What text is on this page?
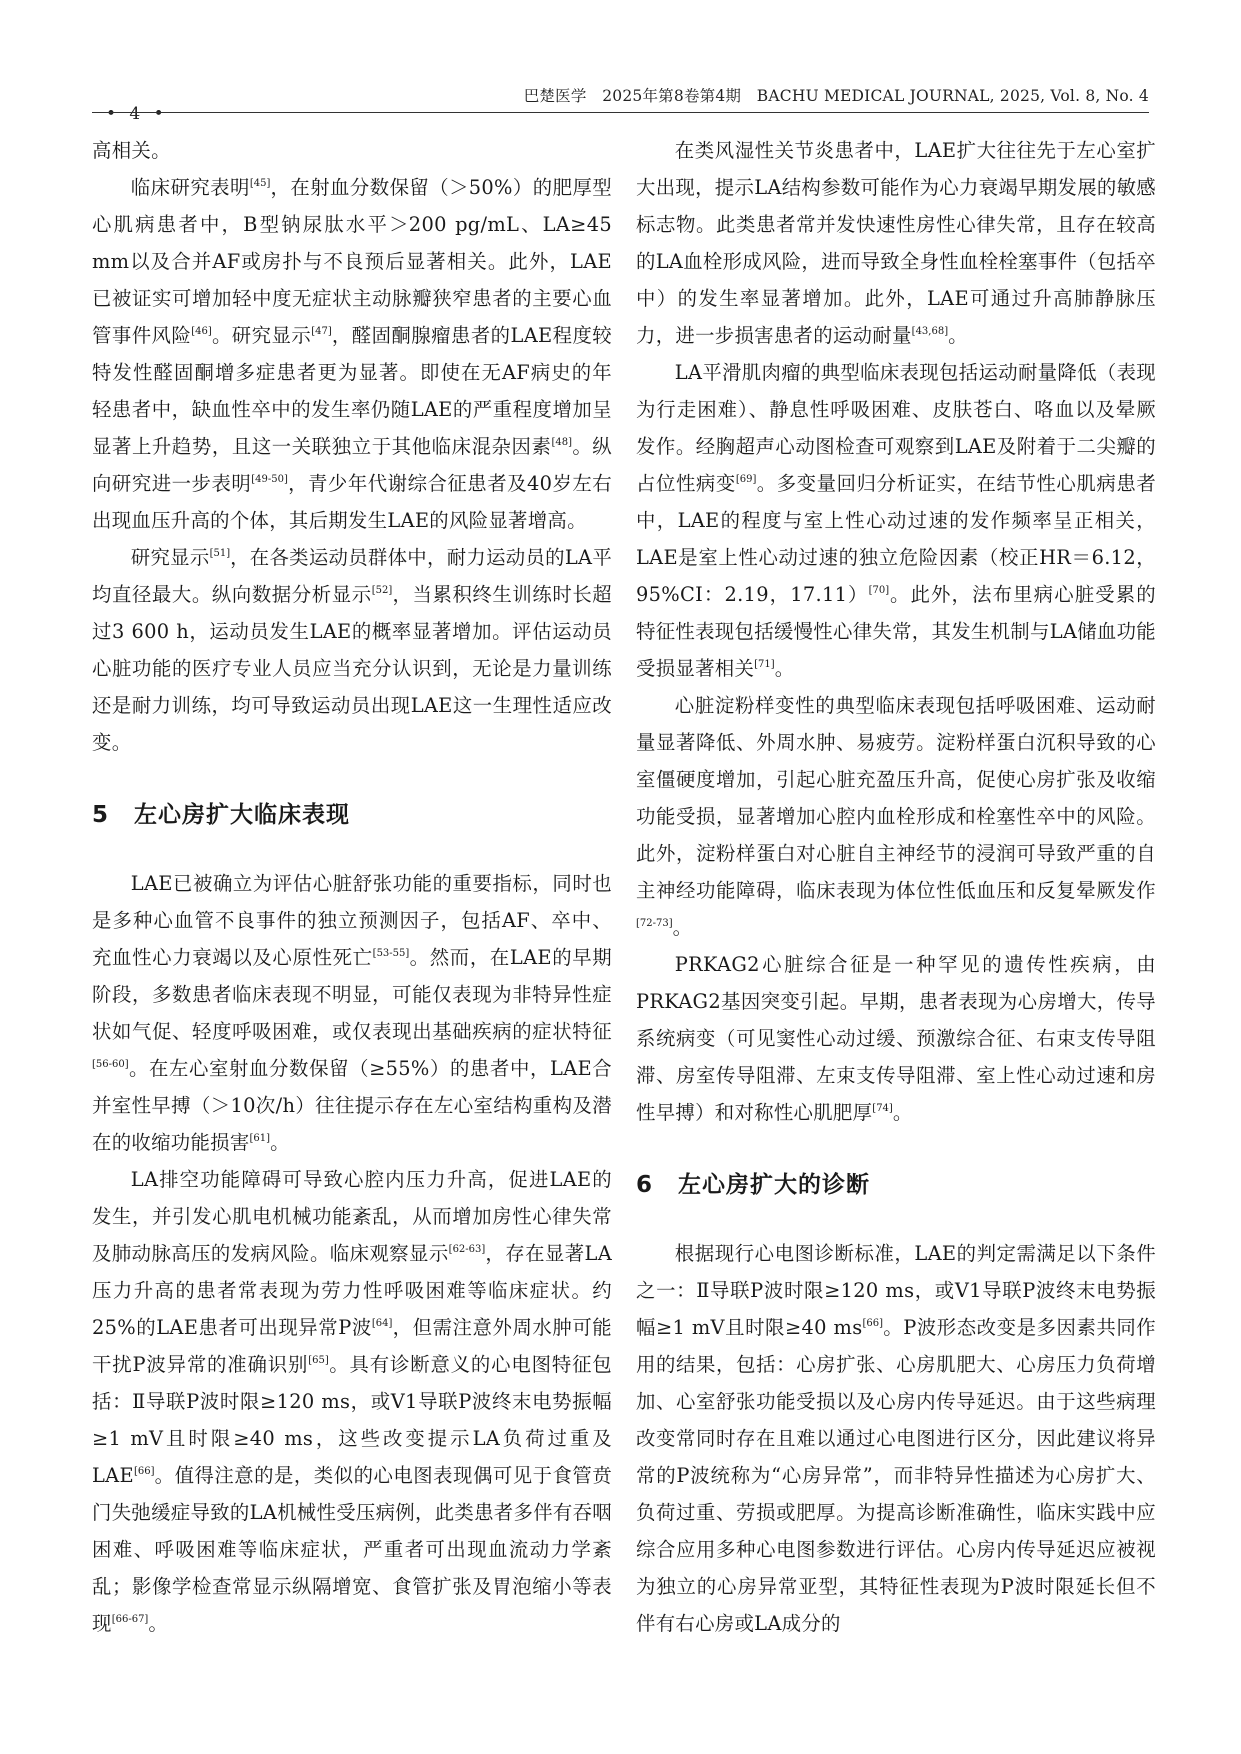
• 4 •
巴楚医学　2025年第8卷第4期　BACHU MEDICAL JOURNAL, 2025, Vol. 8, No. 4

高相关。

临床研究表明[45]，在射血分数保留（＞50%）的肥厚型心肌病患者中，B型钠尿肽水平＞200 pg/mL、LA≥45 mm以及合并AF或房扑与不良预后显著相关。此外，LAE已被证实可增加轻中度无症状主动脉瓣狭窄患者的主要心血管事件风险[46]。研究显示[47]，醛固酮腺瘤患者的LAE程度较特发性醛固酮增多症患者更为显著。即使在无AF病史的年轻患者中，缺血性卒中的发生率仍随LAE的严重程度增加呈显著上升趋势，且这一关联独立于其他临床混杂因素[48]。纵向研究进一步表明[49-50]，青少年代谢综合征患者及40岁左右出现血压升高的个体，其后期发生LAE的风险显著增高。

研究显示[51]，在各类运动员群体中，耐力运动员的LA平均直径最大。纵向数据分析显示[52]，当累积终生训练时长超过3 600 h，运动员发生LAE的概率显著增加。评估运动员心脏功能的医疗专业人员应当充分认识到，无论是力量训练还是耐力训练，均可导致运动员出现LAE这一生理性适应改变。

5 左心房扩大临床表现

LAE已被确立为评估心脏舒张功能的重要指标，同时也是多种心血管不良事件的独立预测因子，包括AF、卒中、充血性心力衰竭以及心原性死亡[53-55]。然而，在LAE的早期阶段，多数患者临床表现不明显，可能仅表现为非特异性症状如气促、轻度呼吸困难，或仅表现出基础疾病的症状特征[56-60]。在左心室射血分数保留（≥55%）的患者中，LAE合并室性早搏（＞10次/h）往往提示存在左心室结构重构及潜在的收缩功能损害[61]。

LA排空功能障碍可导致心腔内压力升高，促进LAE的发生，并引发心肌电机械功能紊乱，从而增加房性心律失常及肺动脉高压的发病风险。临床观察显示[62-63]，存在显著LA压力升高的患者常表现为劳力性呼吸困难等临床症状。约25%的LAE患者可出现异常P波[64]，但需注意外周水肿可能干扰P波异常的准确识别[65]。具有诊断意义的心电图特征包括：Ⅱ导联P波时限≥120 ms，或V1导联P波终末电势振幅≥1 mV且时限≥40 ms，这些改变提示LA负荷过重及LAE[66]。值得注意的是，类似的心电图表现偶可见于食管贲门失弛缓症导致的LA机械性受压病例，此类患者多伴有吞咽困难、呼吸困难等临床症状，严重者可出现血流动力学紊乱；影像学检查常显示纵隔增宽、食管扩张及胃泡缩小等表现[66-67]。

在类风湿性关节炎患者中，LAE扩大往往先于左心室扩大出现，提示LA结构参数可能作为心力衰竭早期发展的敏感标志物。此类患者常并发快速性房性心律失常，且存在较高的LA血栓形成风险，进而导致全身性血栓栓塞事件（包括卒中）的发生率显著增加。此外，LAE可通过升高肺静脉压力，进一步损害患者的运动耐量[43,68]。

LA平滑肌肉瘤的典型临床表现包括运动耐量降低（表现为行走困难）、静息性呼吸困难、皮肤苍白、咯血以及晕厥发作。经胸超声心动图检查可观察到LAE及附着于二尖瓣的占位性病变[69]。多变量回归分析证实，在结节性心肌病患者中，LAE的程度与室上性心动过速的发作频率呈正相关，LAE是室上性心动过速的独立危险因素（校正HR＝6.12，95%CI：2.19，17.11）[70]。此外，法布里病心脏受累的特征性表现包括缓慢性心律失常，其发生机制与LA储血功能受损显著相关[71]。

心脏淀粉样变性的典型临床表现包括呼吸困难、运动耐量显著降低、外周水肿、易疲劳。淀粉样蛋白沉积导致的心室僵硬度增加，引起心脏充盈压升高，促使心房扩张及收缩功能受损，显著增加心腔内血栓形成和栓塞性卒中的风险。此外，淀粉样蛋白对心脏自主神经节的浸润可导致严重的自主神经功能障碍，临床表现为体位性低血压和反复晕厥发作[72-73]。

PRKAG2心脏综合征是一种罕见的遗传性疾病，由PRKAG2基因突变引起。早期，患者表现为心房增大，传导系统病变（可见窦性心动过缓、预激综合征、右束支传导阻滞、房室传导阻滞、左束支传导阻滞、室上性心动过速和房性早搏）和对称性心肌肥厚[74]。

6 左心房扩大的诊断

根据现行心电图诊断标准，LAE的判定需满足以下条件之一：Ⅱ导联P波时限≥120 ms，或V1导联P波终末电势振幅≥1 mV且时限≥40 ms[66]。P波形态改变是多因素共同作用的结果，包括：心房扩张、心房肌肥大、心房压力负荷增加、心室舒张功能受损以及心房内传导延迟。由于这些病理改变常同时存在且难以通过心电图进行区分，因此建议将异常的P波统称为“心房异常”，而非特异性描述为心房扩大、负荷过重、劳损或肥厚。为提高诊断准确性，临床实践中应综合应用多种心电图参数进行评估。心房内传导延迟应被视为独立的心房异常亚型，其特征性表现为P波时限延长但不伴有右心房或LA成分的
